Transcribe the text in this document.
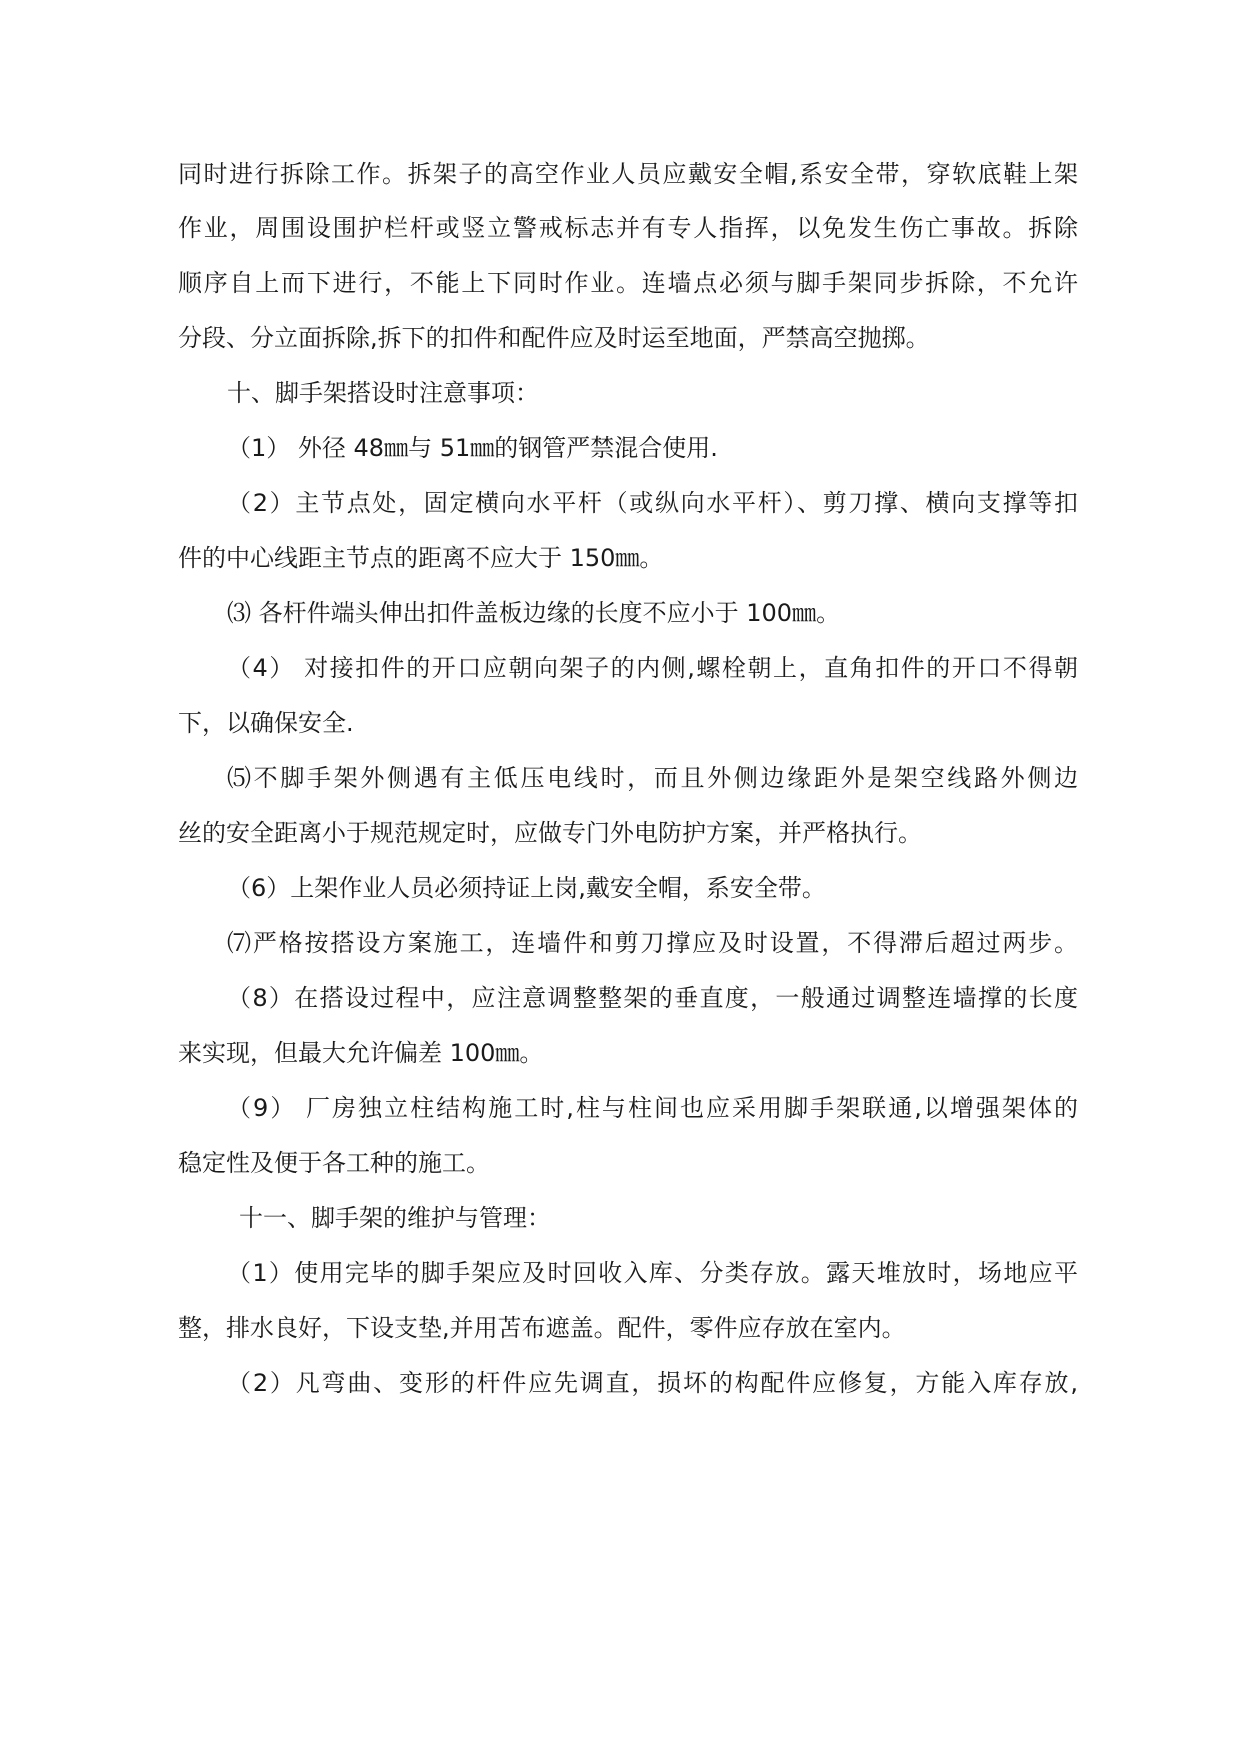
同时进行拆除工作。拆架子的高空作业人员应戴安全帽,系安全带，穿软底鞋上架
作业，周围设围护栏杆或竖立警戒标志并有专人指挥，以免发生伤亡事故。拆除
顺序自上而下进行，不能上下同时作业。连墙点必须与脚手架同步拆除，不允许
分段、分立面拆除,拆下的扣件和配件应及时运至地面，严禁高空抛掷。
十、脚手架搭设时注意事项：
（1） 外径 48㎜与 51㎜的钢管严禁混合使用.
（2）主节点处，固定横向水平杆（或纵向水平杆）、剪刀撑、横向支撑等扣
件的中心线距主节点的距离不应大于 150㎜。
⑶ 各杆件端头伸出扣件盖板边缘的长度不应小于 100㎜。
（4） 对接扣件的开口应朝向架子的内侧,螺栓朝上，直角扣件的开口不得朝
下，以确保安全.
⑸不脚手架外侧遇有主低压电线时，而且外侧边缘距外是架空线路外侧边
丝的安全距离小于规范规定时，应做专门外电防护方案，并严格执行。
（6）上架作业人员必须持证上岗,戴安全帽，系安全带。
⑺严格按搭设方案施工，连墙件和剪刀撑应及时设置，不得滞后超过两步。
（8）在搭设过程中，应注意调整整架的垂直度，一般通过调整连墙撑的长度
来实现，但最大允许偏差 100㎜。
（9） 厂房独立柱结构施工时,柱与柱间也应采用脚手架联通,以增强架体的
稳定性及便于各工种的施工。
十一、脚手架的维护与管理：
（1）使用完毕的脚手架应及时回收入库、分类存放。露天堆放时，场地应平
整，排水良好，下设支垫,并用苫布遮盖。配件，零件应存放在室内。
（2）凡弯曲、变形的杆件应先调直，损坏的构配件应修复，方能入库存放,
